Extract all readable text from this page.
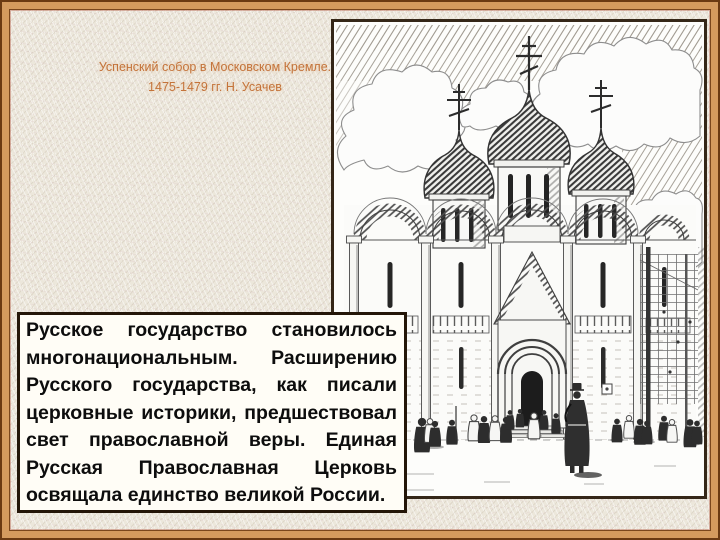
Успенский собор в Московском Кремле. 1475-1479 гг. Н. Усачев

Русское государство становилось многонациональным. Расширению Русского государства, как писали церковные историки, предшествовал свет православной веры. Единая Русская Православная Церковь освящала единство великой России.
